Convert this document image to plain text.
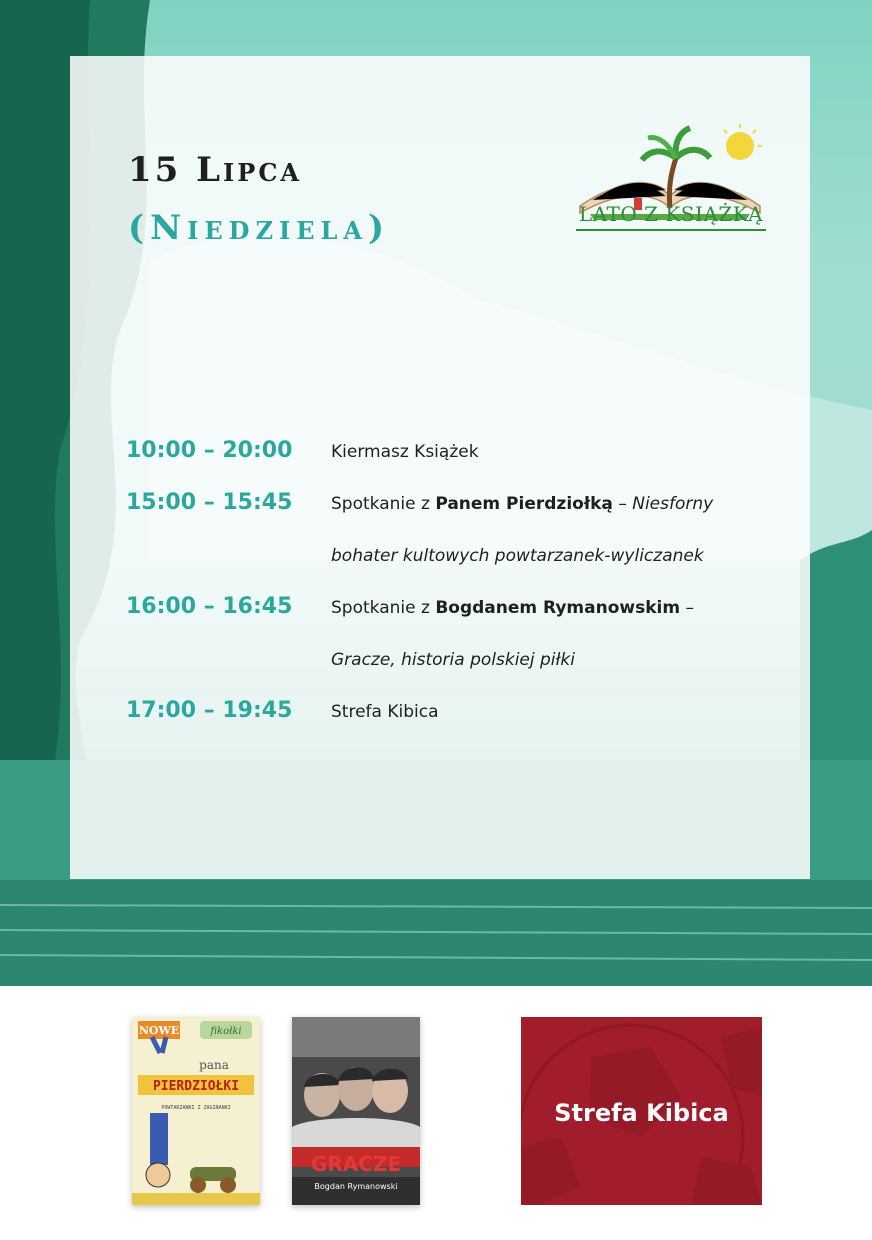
15 Lipca
(Niedziela)	LATO Z KSIĄŻKĄ
10:00 – 20:00 Kiermasz Książek
15:00 – 15:45 Spotkanie z Panem Pierdziołką – Niesforny
bohater kultowych powtarzanek-wyliczanek
16:00 – 16:45 Spotkanie z Bogdanem Rymanowskim –
Gracze, historia polskiej piłki
17:00 – 19:45 Strefa Kibica
NOWE	fikołki
pana
PIERDZIOŁKI
POWTARZANKI Z ZAGINANKI
GRACZE
Bogdan Rymanowski
Strefa Kibica
